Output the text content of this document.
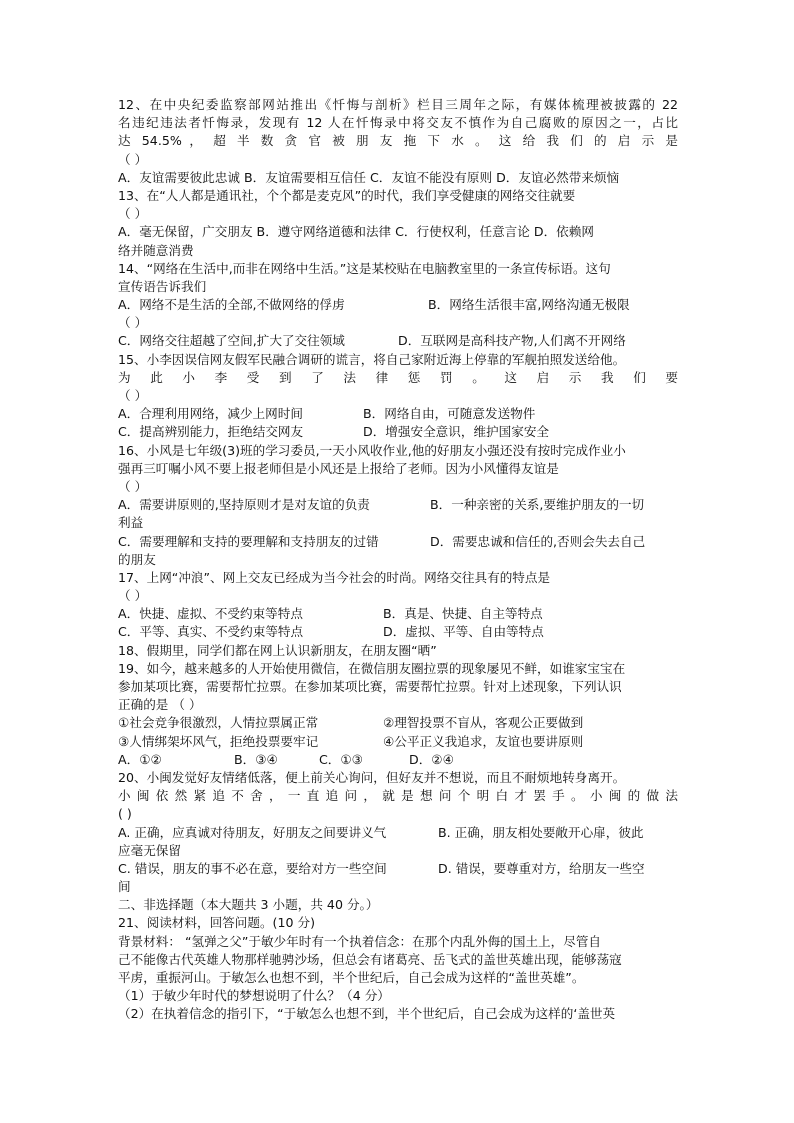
12、在中央纪委监察部网站推出《忏悔与剖析》栏目三周年之际，有媒体梳理被披露的 22
名违纪违法者忏悔录，发现有 12 人在忏悔录中将交友不慎作为自己腐败的原因之一，占比
达 54.5% ， 超 半 数 贪 官 被 朋 友 拖 下 水 。 这 给 我 们 的 启 示 是
（ ）
A．友谊需要彼此忠诚 B．友谊需要相互信任 C．友谊不能没有原则 D．友谊必然带来烦恼
13、在“人人都是通讯社，个个都是麦克风”的时代，我们享受健康的网络交往就要
（ ）
A．毫无保留，广交朋友 B．遵守网络道德和法律 C．行使权利，任意言论 D．依赖网
络并随意消费
14、“网络在生活中,而非在网络中生活。”这是某校贴在电脑教室里的一条宣传标语。这句
宣传语告诉我们
A．网络不是生活的全部,不做网络的俘虏	B．网络生活很丰富,网络沟通无极限
（ ）
C．网络交往超越了空间,扩大了交往领域	D．互联网是高科技产物,人们离不开网络
15、小李因误信网友假军民融合调研的谎言，将自己家附近海上停靠的军舰拍照发送给他。
为 此 小 李 受 到 了 法 律 惩 罚 。 这 启 示 我 们 要
（ ）
A．合理利用网络，减少上网时间	B．网络自由，可随意发送物件
C．提高辨别能力，拒绝结交网友	D．增强安全意识，维护国家安全
16、小风是七年级(3)班的学习委员,一天小风收作业,他的好朋友小强还没有按时完成作业小
强再三叮嘱小风不要上报老师但是小风还是上报给了老师。因为小风懂得友谊是
（ ）
A．需要讲原则的,坚持原则才是对友谊的负责	B．一种亲密的关系,要维护朋友的一切
利益
C．需要理解和支持的要理解和支持朋友的过错	D．需要忠诚和信任的,否则会失去自己
的朋友
17、上网“冲浪”、网上交友已经成为当今社会的时尚。网络交往具有的特点是
（ ）
A．快捷、虚拟、不受约束等特点	B．真是、快捷、自主等特点
C．平等、真实、不受约束等特点	D．虚拟、平等、自由等特点
18、假期里，同学们都在网上认识新朋友，在朋友圈“晒”
19、如今，越来越多的人开始使用微信，在微信朋友圈拉票的现象屡见不鲜，如谁家宝宝在
参加某项比赛，需要帮忙拉票。在参加某项比赛，需要帮忙拉票。针对上述现象，下列认识
正确的是 （ ）
①社会竞争很激烈，人情拉票属正常	②理智投票不盲从，客观公正要做到
③人情绑架坏风气，拒绝投票要牢记	④公平正义我追求，友谊也要讲原则
A．①②	B．③④	C．①③	D．②④
20、小闽发觉好友情绪低落，便上前关心询问，但好友并不想说，而且不耐烦地转身离开。
小 闽 依 然 紧 追 不 舍 ， 一 直 追 问 ， 就 是 想 问 个 明 白 才 罢 手 。 小 闽 的 做 法
( )
A. 正确，应真诚对待朋友，好朋友之间要讲义气	B. 正确，朋友相处要敞开心扉，彼此
应毫无保留
C. 错误，朋友的事不必在意，要给对方一些空间	D. 错误，要尊重对方，给朋友一些空
间
二、非选择题（本大题共 3 小题，共 40 分。）
21、阅读材料，回答问题。(10 分)
背景材料： “氢弹之父”于敏少年时有一个执着信念：在那个内乱外侮的国土上，尽管自
己不能像古代英雄人物那样驰骋沙场，但总会有诸葛亮、岳飞式的盖世英雄出现，能够荡寇
平虏，重振河山。于敏怎么也想不到，半个世纪后，自己会成为这样的“盖世英雄”。
（1）于敏少年时代的梦想说明了什么？（4 分）
（2）在执着信念的指引下，“于敏怎么也想不到，半个世纪后，自己会成为这样的‘盖世英
